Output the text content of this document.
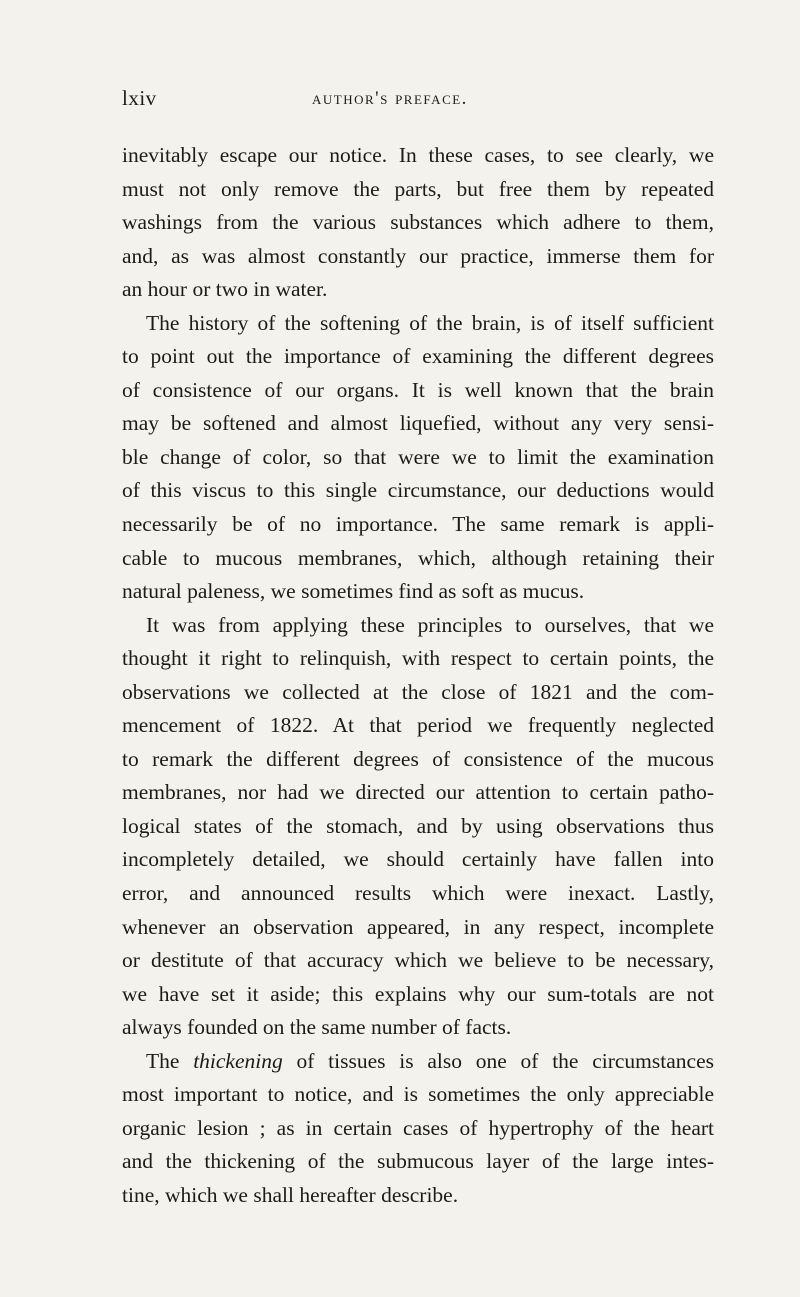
lxiv	author's preface.
inevitably escape our notice. In these cases, to see clearly, we
must not only remove the parts, but free them by repeated
washings from the various substances which adhere to them,
and, as was almost constantly our practice, immerse them for
an hour or two in water.
The history of the softening of the brain, is of itself sufficient
to point out the importance of examining the different degrees
of consistence of our organs. It is well known that the brain
may be softened and almost liquefied, without any very sensi-
ble change of color, so that were we to limit the examination
of this viscus to this single circumstance, our deductions would
necessarily be of no importance. The same remark is appli-
cable to mucous membranes, which, although retaining their
natural paleness, we sometimes find as soft as mucus.
It was from applying these principles to ourselves, that we
thought it right to relinquish, with respect to certain points, the
observations we collected at the close of 1821 and the com-
mencement of 1822. At that period we frequently neglected
to remark the different degrees of consistence of the mucous
membranes, nor had we directed our attention to certain patho-
logical states of the stomach, and by using observations thus
incompletely detailed, we should certainly have fallen into
error, and announced results which were inexact. Lastly,
whenever an observation appeared, in any respect, incomplete
or destitute of that accuracy which we believe to be necessary,
we have set it aside; this explains why our sum-totals are not
always founded on the same number of facts.
The thickening of tissues is also one of the circumstances
most important to notice, and is sometimes the only appreciable
organic lesion ; as in certain cases of hypertrophy of the heart
and the thickening of the submucous layer of the large intes-
tine, which we shall hereafter describe.
